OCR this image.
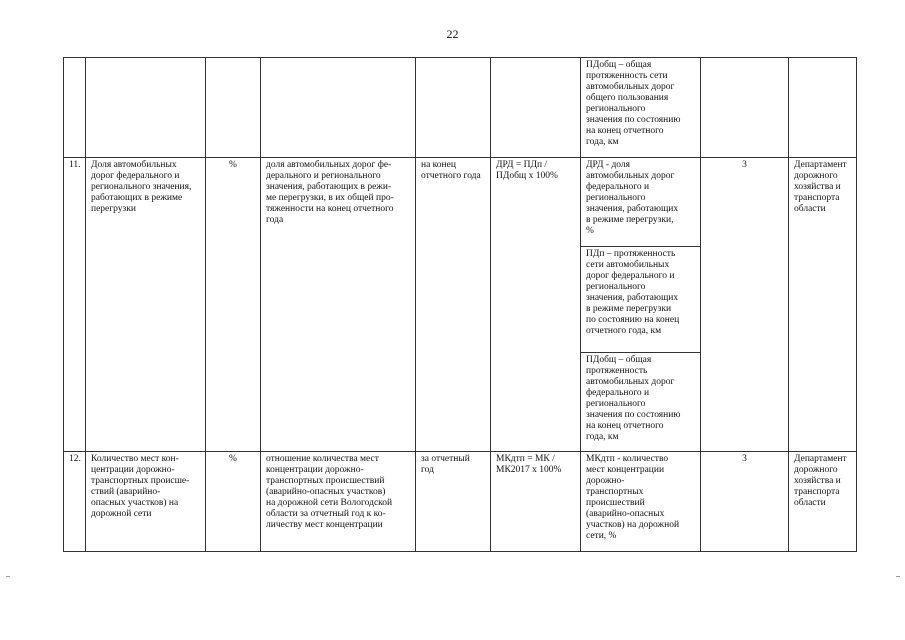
22
						ПДобщ – общая
протяженность сети
автомобильных дорог
общего пользования
регионального
значения по состоянию
на конец отчетного
года, км		
11.	Доля автомобильных
дорог федерального и
регионального значения,
работающих в режиме
перегрузки	%	доля автомобильных дорог фе-
дерального и регионального
значения, работающих в режи-
ме перегрузки, в их общей про-
тяженности на конец отчетного
года	на конец
отчетного года	ДРД = ПДп /
ПДобщ х 100%	
ДРД - доля
автомобильных дорог
федерального и
регионального
значения, работающих
в режиме перегрузки,
%
ПДп – протяженность
сети автомобильных
дорог федерального и
регионального
значения, работающих
в режиме перегрузки
по состоянию на конец
отчетного года, км
ПДобщ – общая
протяженность
автомобильных дорог
федерального и
регионального
значения по состоянию
на конец отчетного
года, км
	3	Департамент
дорожного
хозяйства и
транспорта
области
12.	Количество мест кон-
центрации дорожно-
транспортных происше-
ствий (аварийно-
опасных участков) на
дорожной сети	%	отношение количества мест
концентрации дорожно-
транспортных происшествий
(аварийно-опасных участков)
на дорожной сети Вологодской
области за отчетный год к ко-
личеству мест концентрации	за отчетный
год	МКдтп = МК /
МК2017 х 100%	МКдтп - количество
мест концентрации
дорожно-
транспортных
происшествий
(аварийно-опасных
участков) на дорожной
сети, %	3	Департамент
дорожного
хозяйства и
транспорта
области
